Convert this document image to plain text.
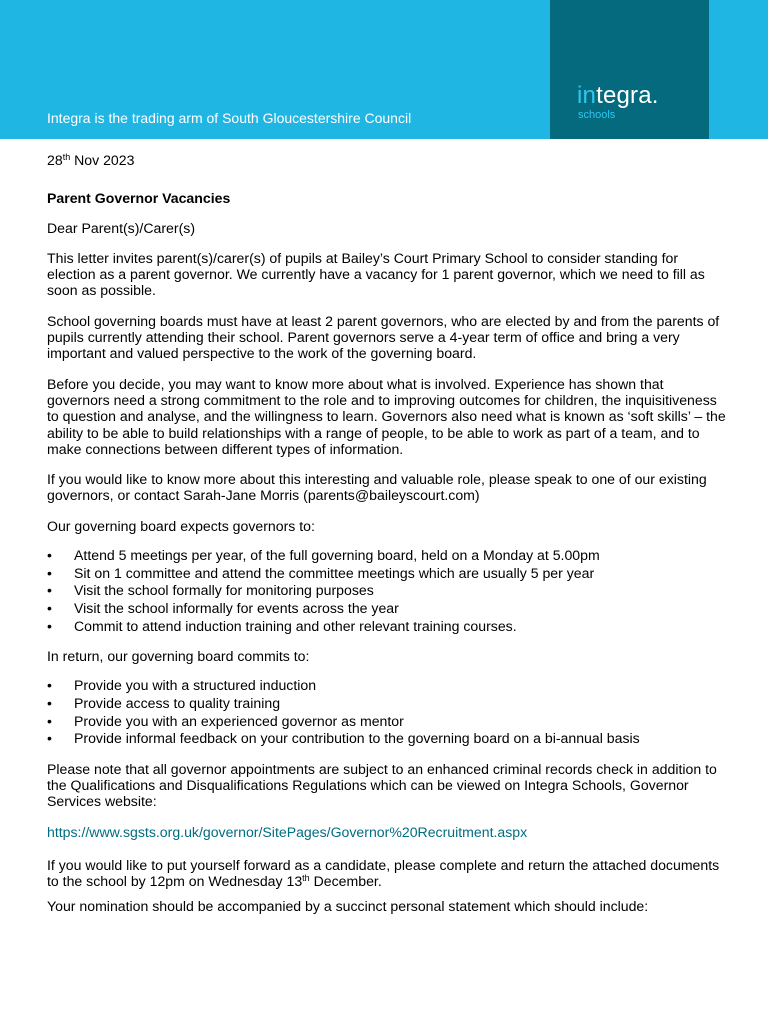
Integra is the trading arm of South Gloucestershire Council
integra.
schools
28th Nov 2023
Parent Governor Vacancies
Dear Parent(s)/Carer(s)
This letter invites parent(s)/carer(s) of pupils at Bailey’s Court Primary School to consider standing for election as a parent governor. We currently have a vacancy for 1 parent governor, which we need to fill as soon as possible.
School governing boards must have at least 2 parent governors, who are elected by and from the parents of pupils currently attending their school. Parent governors serve a 4-year term of office and bring a very important and valued perspective to the work of the governing board.
Before you decide, you may want to know more about what is involved. Experience has shown that governors need a strong commitment to the role and to improving outcomes for children, the inquisitiveness to question and analyse, and the willingness to learn. Governors also need what is known as ‘soft skills’ – the ability to be able to build relationships with a range of people, to be able to work as part of a team, and to make connections between different types of information.
If you would like to know more about this interesting and valuable role, please speak to one of our existing governors, or contact Sarah-Jane Morris (parents@baileyscourt.com)
Our governing board expects governors to:
• Attend 5 meetings per year, of the full governing board, held on a Monday at 5.00pm
• Sit on 1 committee and attend the committee meetings which are usually 5 per year
• Visit the school formally for monitoring purposes
• Visit the school informally for events across the year
• Commit to attend induction training and other relevant training courses.
In return, our governing board commits to:
• Provide you with a structured induction
• Provide access to quality training
• Provide you with an experienced governor as mentor
• Provide informal feedback on your contribution to the governing board on a bi-annual basis
Please note that all governor appointments are subject to an enhanced criminal records check in addition to the Qualifications and Disqualifications Regulations which can be viewed on Integra Schools, Governor Services website:
https://www.sgsts.org.uk/governor/SitePages/Governor%20Recruitment.aspx
If you would like to put yourself forward as a candidate, please complete and return the attached documents to the school by 12pm on Wednesday 13th December.
Your nomination should be accompanied by a succinct personal statement which should include:
